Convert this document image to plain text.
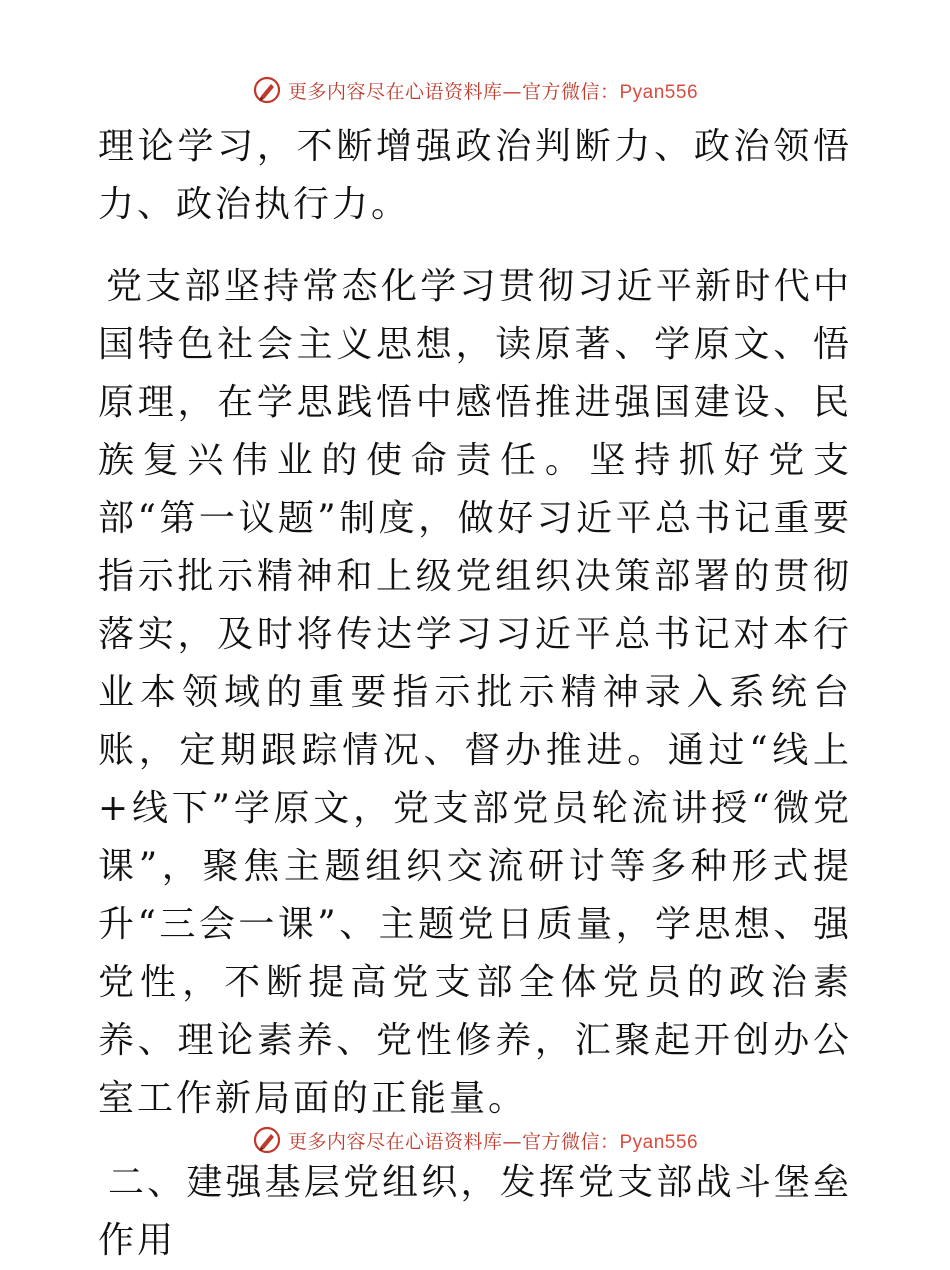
更多内容尽在心语资料库—官方微信：Pyan556

理论学习，不断增强政治判断力、政治领悟力、政治执行力。

党支部坚持常态化学习贯彻习近平新时代中国特色社会主义思想，读原著、学原文、悟原理，在学思践悟中感悟推进强国建设、民族复兴伟业的使命责任。坚持抓好党支部“第一议题”制度，做好习近平总书记重要指示批示精神和上级党组织决策部署的贯彻落实，及时将传达学习习近平总书记对本行业本领域的重要指示批示精神录入系统台账，定期跟踪情况、督办推进。通过“线上+线下”学原文，党支部党员轮流讲授“微党课”，聚焦主题组织交流研讨等多种形式提升“三会一课”、主题党日质量，学思想、强党性，不断提高党支部全体党员的政治素养、理论素养、党性修养，汇聚起开创办公室工作新局面的正能量。

二、建强基层党组织，发挥党支部战斗堡垒作用

更多内容尽在心语资料库—官方微信：Pyan556
